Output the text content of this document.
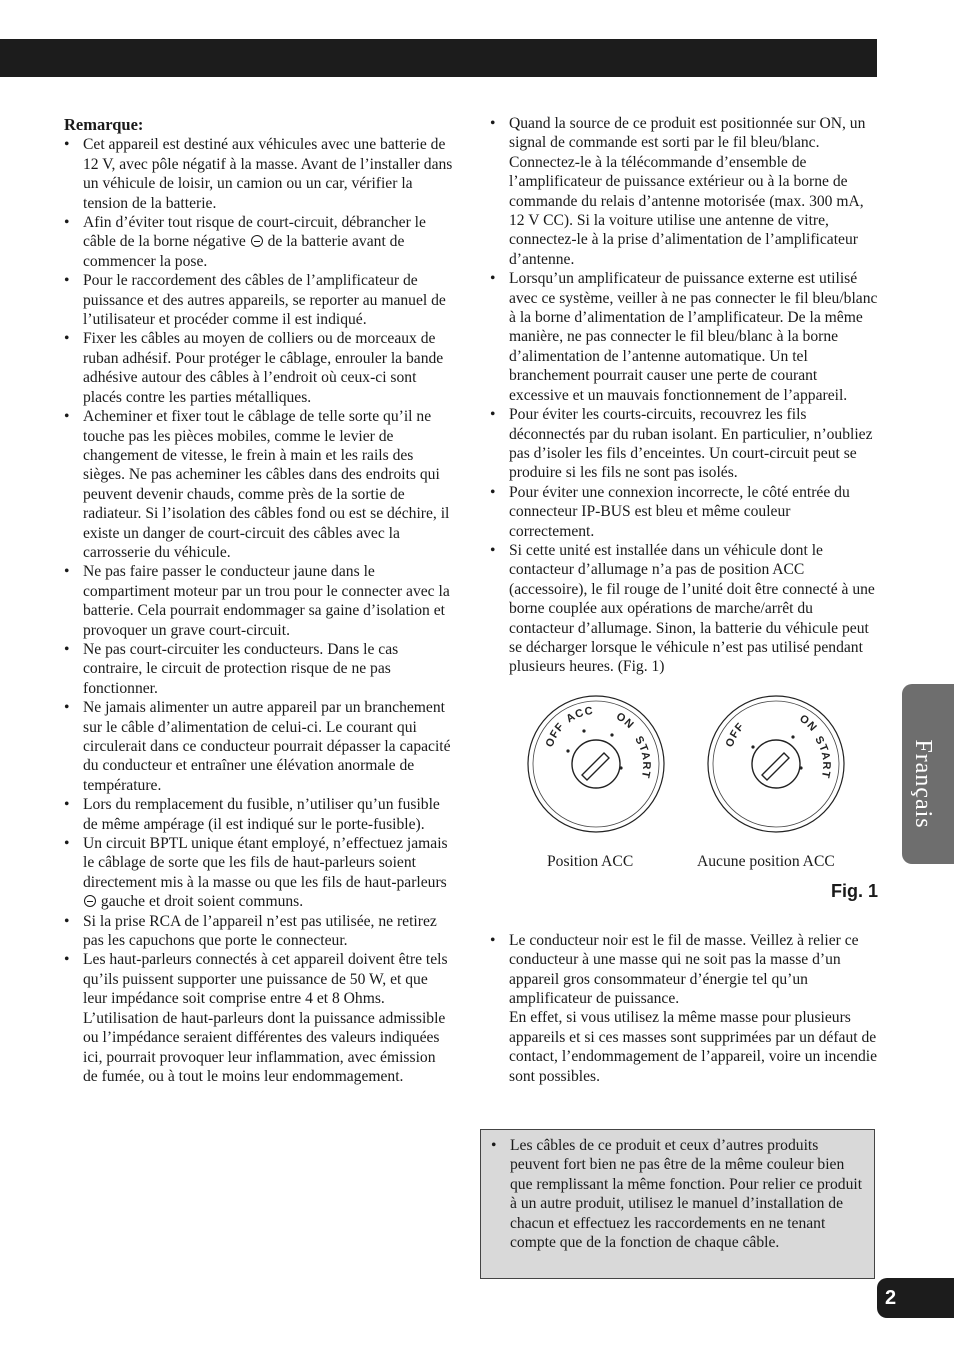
Remarque:
• Cet appareil est destiné aux véhicules avec une batterie de 12 V, avec pôle négatif à la masse. Avant de l’installer dans un véhicule de loisir, un camion ou un car, vérifier la tension de la batterie.
• Afin d’éviter tout risque de court-circuit, débrancher le câble de la borne négative  de la batterie avant de commencer la pose.
• Pour le raccordement des câbles de l’amplificateur de puissance et des autres appareils, se reporter au manuel de l’utilisateur et procéder comme il est indiqué.
• Fixer les câbles au moyen de colliers ou de morceaux de ruban adhésif. Pour protéger le câblage, enrouler la bande adhésive autour des câbles à l’endroit où ceux-ci sont placés contre les parties métalliques.
• Acheminer et fixer tout le câblage de telle sorte qu’il ne touche pas les pièces mobiles, comme le levier de changement de vitesse, le frein à main et les rails des sièges. Ne pas acheminer les câbles dans des endroits qui peuvent devenir chauds, comme près de la sortie de radiateur. Si l’isolation des câbles fond ou est se déchire, il existe un danger de court-circuit des câbles avec la carrosserie du véhicule.
• Ne pas faire passer le conducteur jaune dans le compartiment moteur par un trou pour le connecter avec la batterie. Cela pourrait endommager sa gaine d’isolation et provoquer un grave court-circuit.
• Ne pas court-circuiter les conducteurs. Dans le cas contraire, le circuit de protection risque de ne pas fonctionner.
• Ne jamais alimenter un autre appareil par un branchement sur le câble d’alimentation de celui-ci. Le courant qui circulerait dans ce conducteur pourrait dépasser la capacité du conducteur et entraîner une élévation anormale de température.
• Lors du remplacement du fusible, n’utiliser qu’un fusible de même ampérage (il est indiqué sur le porte-fusible).
• Un circuit BPTL unique étant employé, n’effectuez jamais le câblage de sorte que les fils de haut-parleurs soient directement mis à la masse ou que les fils de haut-parleurs  gauche et droit soient communs.
• Si la prise RCA de l’appareil n’est pas utilisée, ne retirez pas les capuchons que porte le connecteur.
• Les haut-parleurs connectés à cet appareil doivent être tels qu’ils puissent supporter une puissance de 50 W, et que leur impédance soit comprise entre 4 et 8 Ohms. L’utilisation de haut-parleurs dont la puissance admissible ou l’impédance seraient différentes des valeurs indiquées ici, pourrait provoquer leur inflammation, avec émission de fumée, ou à tout le moins leur endommagement.
• Quand la source de ce produit est positionnée sur ON, un signal de commande est sorti par le fil bleu/blanc. Connectez-le à la télécommande d’ensemble de l’amplificateur de puissance extérieur ou à la borne de commande du relais d’antenne motorisée (max. 300 mA, 12 V CC). Si la voiture utilise une antenne de vitre, connectez-le à la prise d’alimentation de l’amplificateur d’antenne.
• Lorsqu’un amplificateur de puissance externe est utilisé avec ce système, veiller à ne pas connecter le fil bleu/blanc à la borne d’alimentation de l’amplificateur. De la même manière, ne pas connecter le fil bleu/blanc à la borne d’alimentation de l’antenne automatique. Un tel branchement pourrait causer une perte de courant excessive et un mauvais fonctionnement de l’appareil.
• Pour éviter les courts-circuits, recouvrez les fils déconnectés par du ruban isolant. En particulier, n’oubliez pas d’isoler les fils d’enceintes. Un court-circuit peut se produire si les fils ne sont pas isolés.
• Pour éviter une connexion incorrecte, le côté entrée du connecteur IP-BUS est bleu et même couleur correctement.
• Si cette unité est installée dans un véhicule dont le contacteur d’allumage n’a pas de position ACC (accessoire), le fil rouge de l’unité doit être connecté à une borne couplée aux opérations de marche/arrêt du contacteur d’allumage. Sinon, la batterie du véhicule peut se décharger lorsque le véhicule n’est pas utilisé pendant plusieurs heures. (Fig. 1)
OFFACC ON
START
OFF	ON
START
Position ACC	Aucune position ACC
Fig. 1
• Le conducteur noir est le fil de masse. Veillez à relier ce conducteur à une masse qui ne soit pas la masse d’un appareil gros consommateur d’énergie tel qu’un amplificateur de puissance.
En effet, si vous utilisez la même masse pour plusieurs appareils et si ces masses sont supprimées par un défaut de contact, l’endommagement de l’appareil, voire un incendie sont possibles.
• Les câbles de ce produit et ceux d’autres produits peuvent fort bien ne pas être de la même couleur bien que remplissant la même fonction. Pour relier ce produit à un autre produit, utilisez le manuel d’installation de chacun et effectuez les raccordements en ne tenant compte que de la fonction de chaque câble.
Français
2
